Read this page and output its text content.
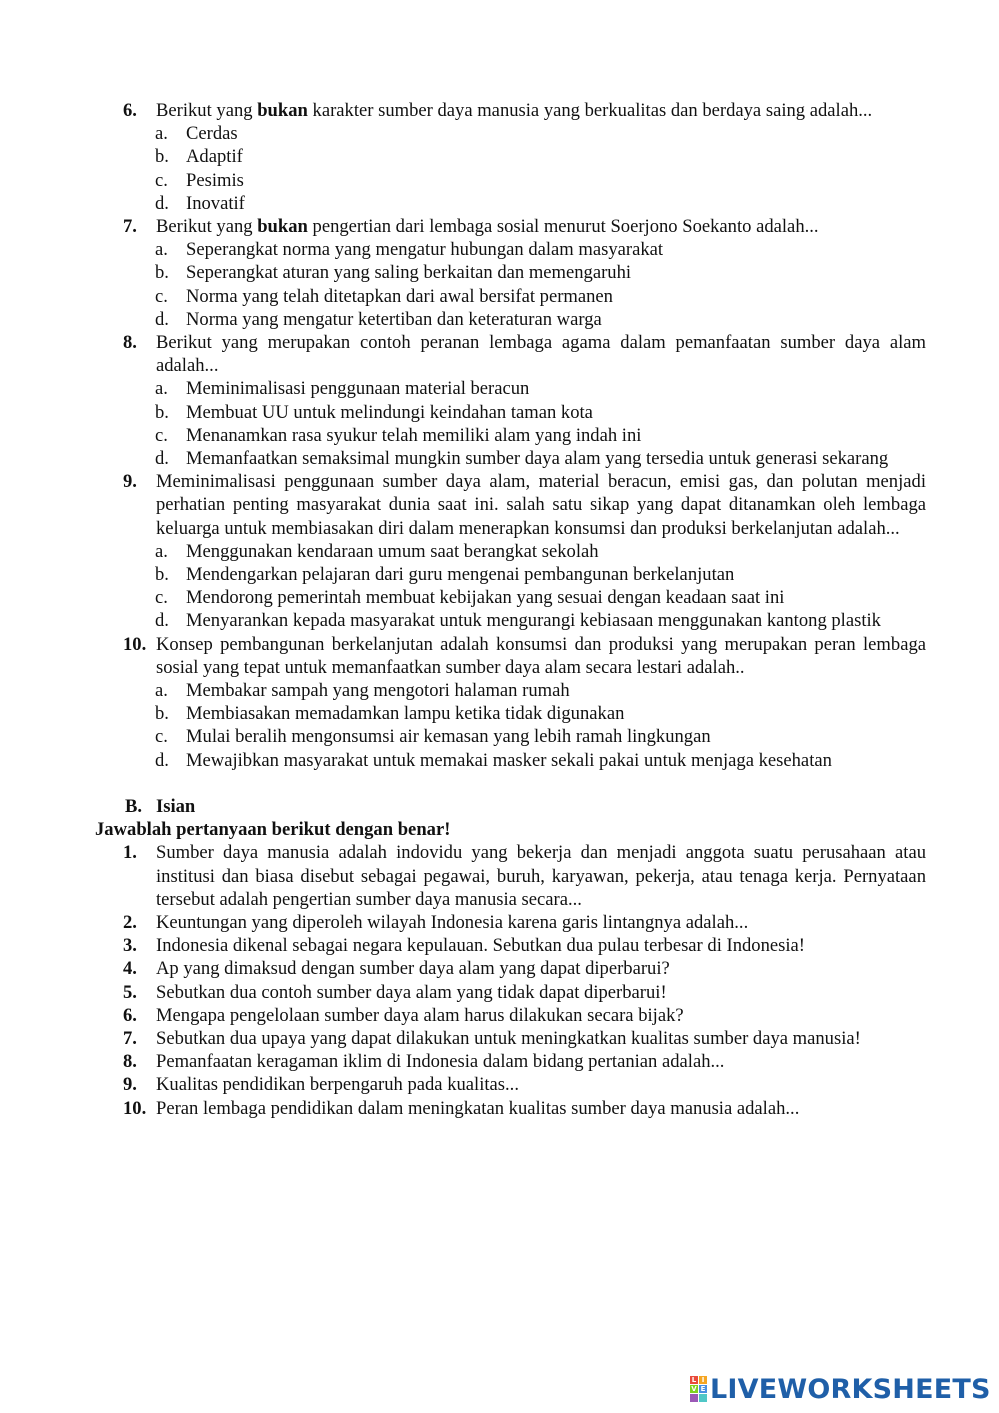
6. Berikut yang bukan karakter sumber daya manusia yang berkualitas dan berdaya saing adalah...
a. Cerdas
b. Adaptif
c. Pesimis
d. Inovatif
7. Berikut yang bukan pengertian dari lembaga sosial menurut Soerjono Soekanto adalah...
a. Seperangkat norma yang mengatur hubungan dalam masyarakat
b. Seperangkat aturan yang saling berkaitan dan memengaruhi
c. Norma yang telah ditetapkan dari awal bersifat permanen
d. Norma yang mengatur ketertiban dan keteraturan warga
8. Berikut yang merupakan contoh peranan lembaga agama dalam pemanfaatan sumber daya alam adalah...
a. Meminimalisasi penggunaan material beracun
b. Membuat UU untuk melindungi keindahan taman kota
c. Menanamkan rasa syukur telah memiliki alam yang indah ini
d. Memanfaatkan semaksimal mungkin sumber daya alam yang tersedia untuk generasi sekarang
9. Meminimalisasi penggunaan sumber daya alam, material beracun, emisi gas, dan polutan menjadi perhatian penting masyarakat dunia saat ini. salah satu sikap yang dapat ditanamkan oleh lembaga keluarga untuk membiasakan diri dalam menerapkan konsumsi dan produksi berkelanjutan adalah...
a. Menggunakan kendaraan umum saat berangkat sekolah
b. Mendengarkan pelajaran dari guru mengenai pembangunan berkelanjutan
c. Mendorong pemerintah membuat kebijakan yang sesuai dengan keadaan saat ini
d. Menyarankan kepada masyarakat untuk mengurangi kebiasaan menggunakan kantong plastik
10. Konsep pembangunan berkelanjutan adalah konsumsi dan produksi yang merupakan peran lembaga sosial yang tepat untuk memanfaatkan sumber daya alam secara lestari adalah..
a. Membakar sampah yang mengotori halaman rumah
b. Membiasakan memadamkan lampu ketika tidak digunakan
c. Mulai beralih mengonsumsi air kemasan yang lebih ramah lingkungan
d. Mewajibkan masyarakat untuk memakai masker sekali pakai untuk menjaga kesehatan
B. Isian
Jawablah pertanyaan berikut dengan benar!
1. Sumber daya manusia adalah indovidu yang bekerja dan menjadi anggota suatu perusahaan atau institusi dan biasa disebut sebagai pegawai, buruh, karyawan, pekerja, atau tenaga kerja. Pernyataan tersebut adalah pengertian sumber daya manusia secara...
2. Keuntungan yang diperoleh wilayah Indonesia karena garis lintangnya adalah...
3. Indonesia dikenal sebagai negara kepulauan. Sebutkan dua pulau terbesar di Indonesia!
4. Ap yang dimaksud dengan sumber daya alam yang dapat diperbarui?
5. Sebutkan dua contoh sumber daya alam yang tidak dapat diperbarui!
6. Mengapa pengelolaan sumber daya alam harus dilakukan secara bijak?
7. Sebutkan dua upaya yang dapat dilakukan untuk meningkatkan kualitas sumber daya manusia!
8. Pemanfaatan keragaman iklim di Indonesia dalam bidang pertanian adalah...
9. Kualitas pendidikan berpengaruh pada kualitas...
10. Peran lembaga pendidikan dalam meningkatan kualitas sumber daya manusia adalah...
L I
V E LIVEWORKSHEETS
